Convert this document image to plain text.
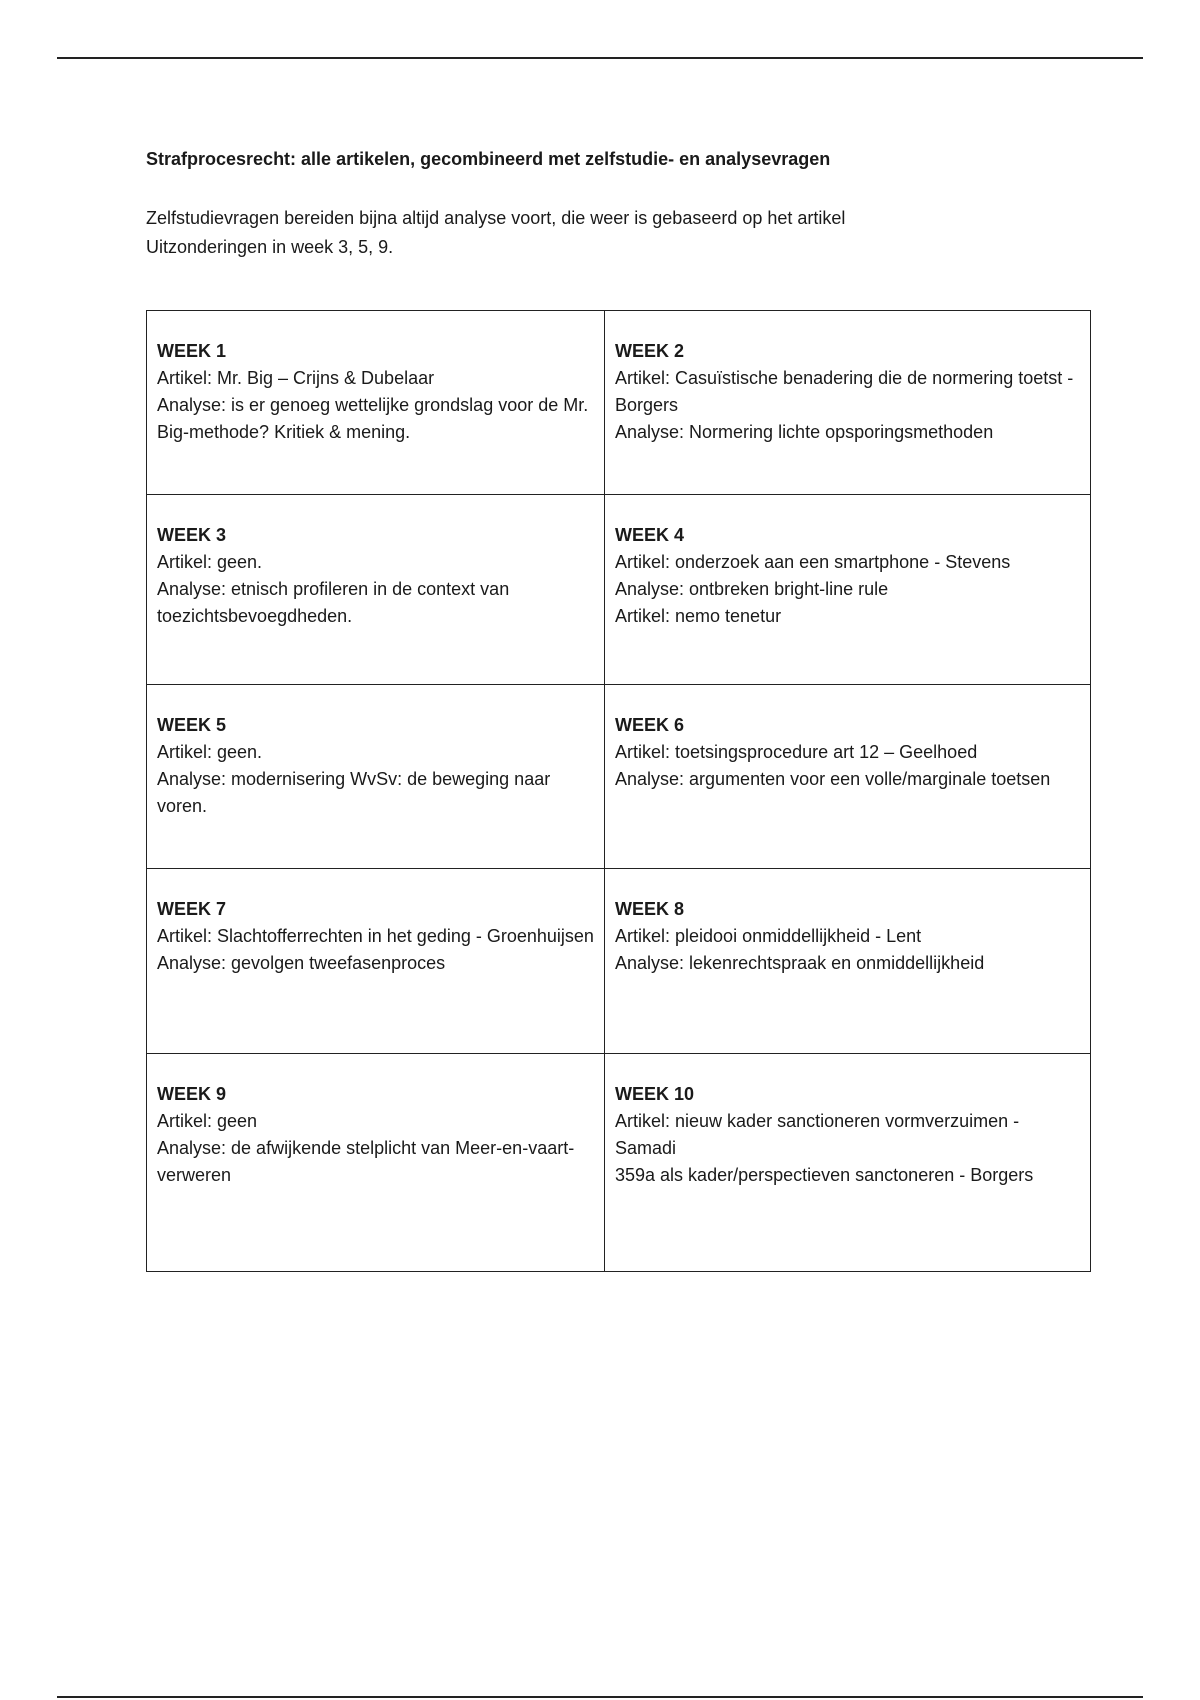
Strafprocesrecht: alle artikelen, gecombineerd met zelfstudie- en analysevragen

Zelfstudievragen bereiden bijna altijd analyse voort, die weer is gebaseerd op het artikel

Uitzonderingen in week 3, 5, 9.

WEEK 1
Artikel: Mr. Big – Crijns & Dubelaar
Analyse: is er genoeg wettelijke grondslag voor de Mr. Big-methode? Kritiek & mening.	WEEK 2
Artikel: Casuïstische benadering die de normering toetst - Borgers
Analyse: Normering lichte opsporingsmethoden

WEEK 3
Artikel: geen.
Analyse: etnisch profileren in de context van toezichtsbevoegdheden.	WEEK 4
Artikel: onderzoek aan een smartphone - Stevens
Analyse: ontbreken bright-line rule
Artikel: nemo tenetur

WEEK 5
Artikel: geen.
Analyse: modernisering WvSv: de beweging naar voren.	WEEK 6
Artikel: toetsingsprocedure art 12 – Geelhoed
Analyse: argumenten voor een volle/marginale toetsen

WEEK 7
Artikel: Slachtofferrechten in het geding - Groenhuijsen
Analyse: gevolgen tweefasenproces	WEEK 8
Artikel: pleidooi onmiddellijkheid - Lent
Analyse: lekenrechtspraak en onmiddellijkheid

WEEK 9
Artikel: geen
Analyse: de afwijkende stelplicht van Meer-en-vaart-verweren	WEEK 10
Artikel: nieuw kader sanctioneren vormverzuimen - Samadi
359a als kader/perspectieven sanctoneren - Borgers
